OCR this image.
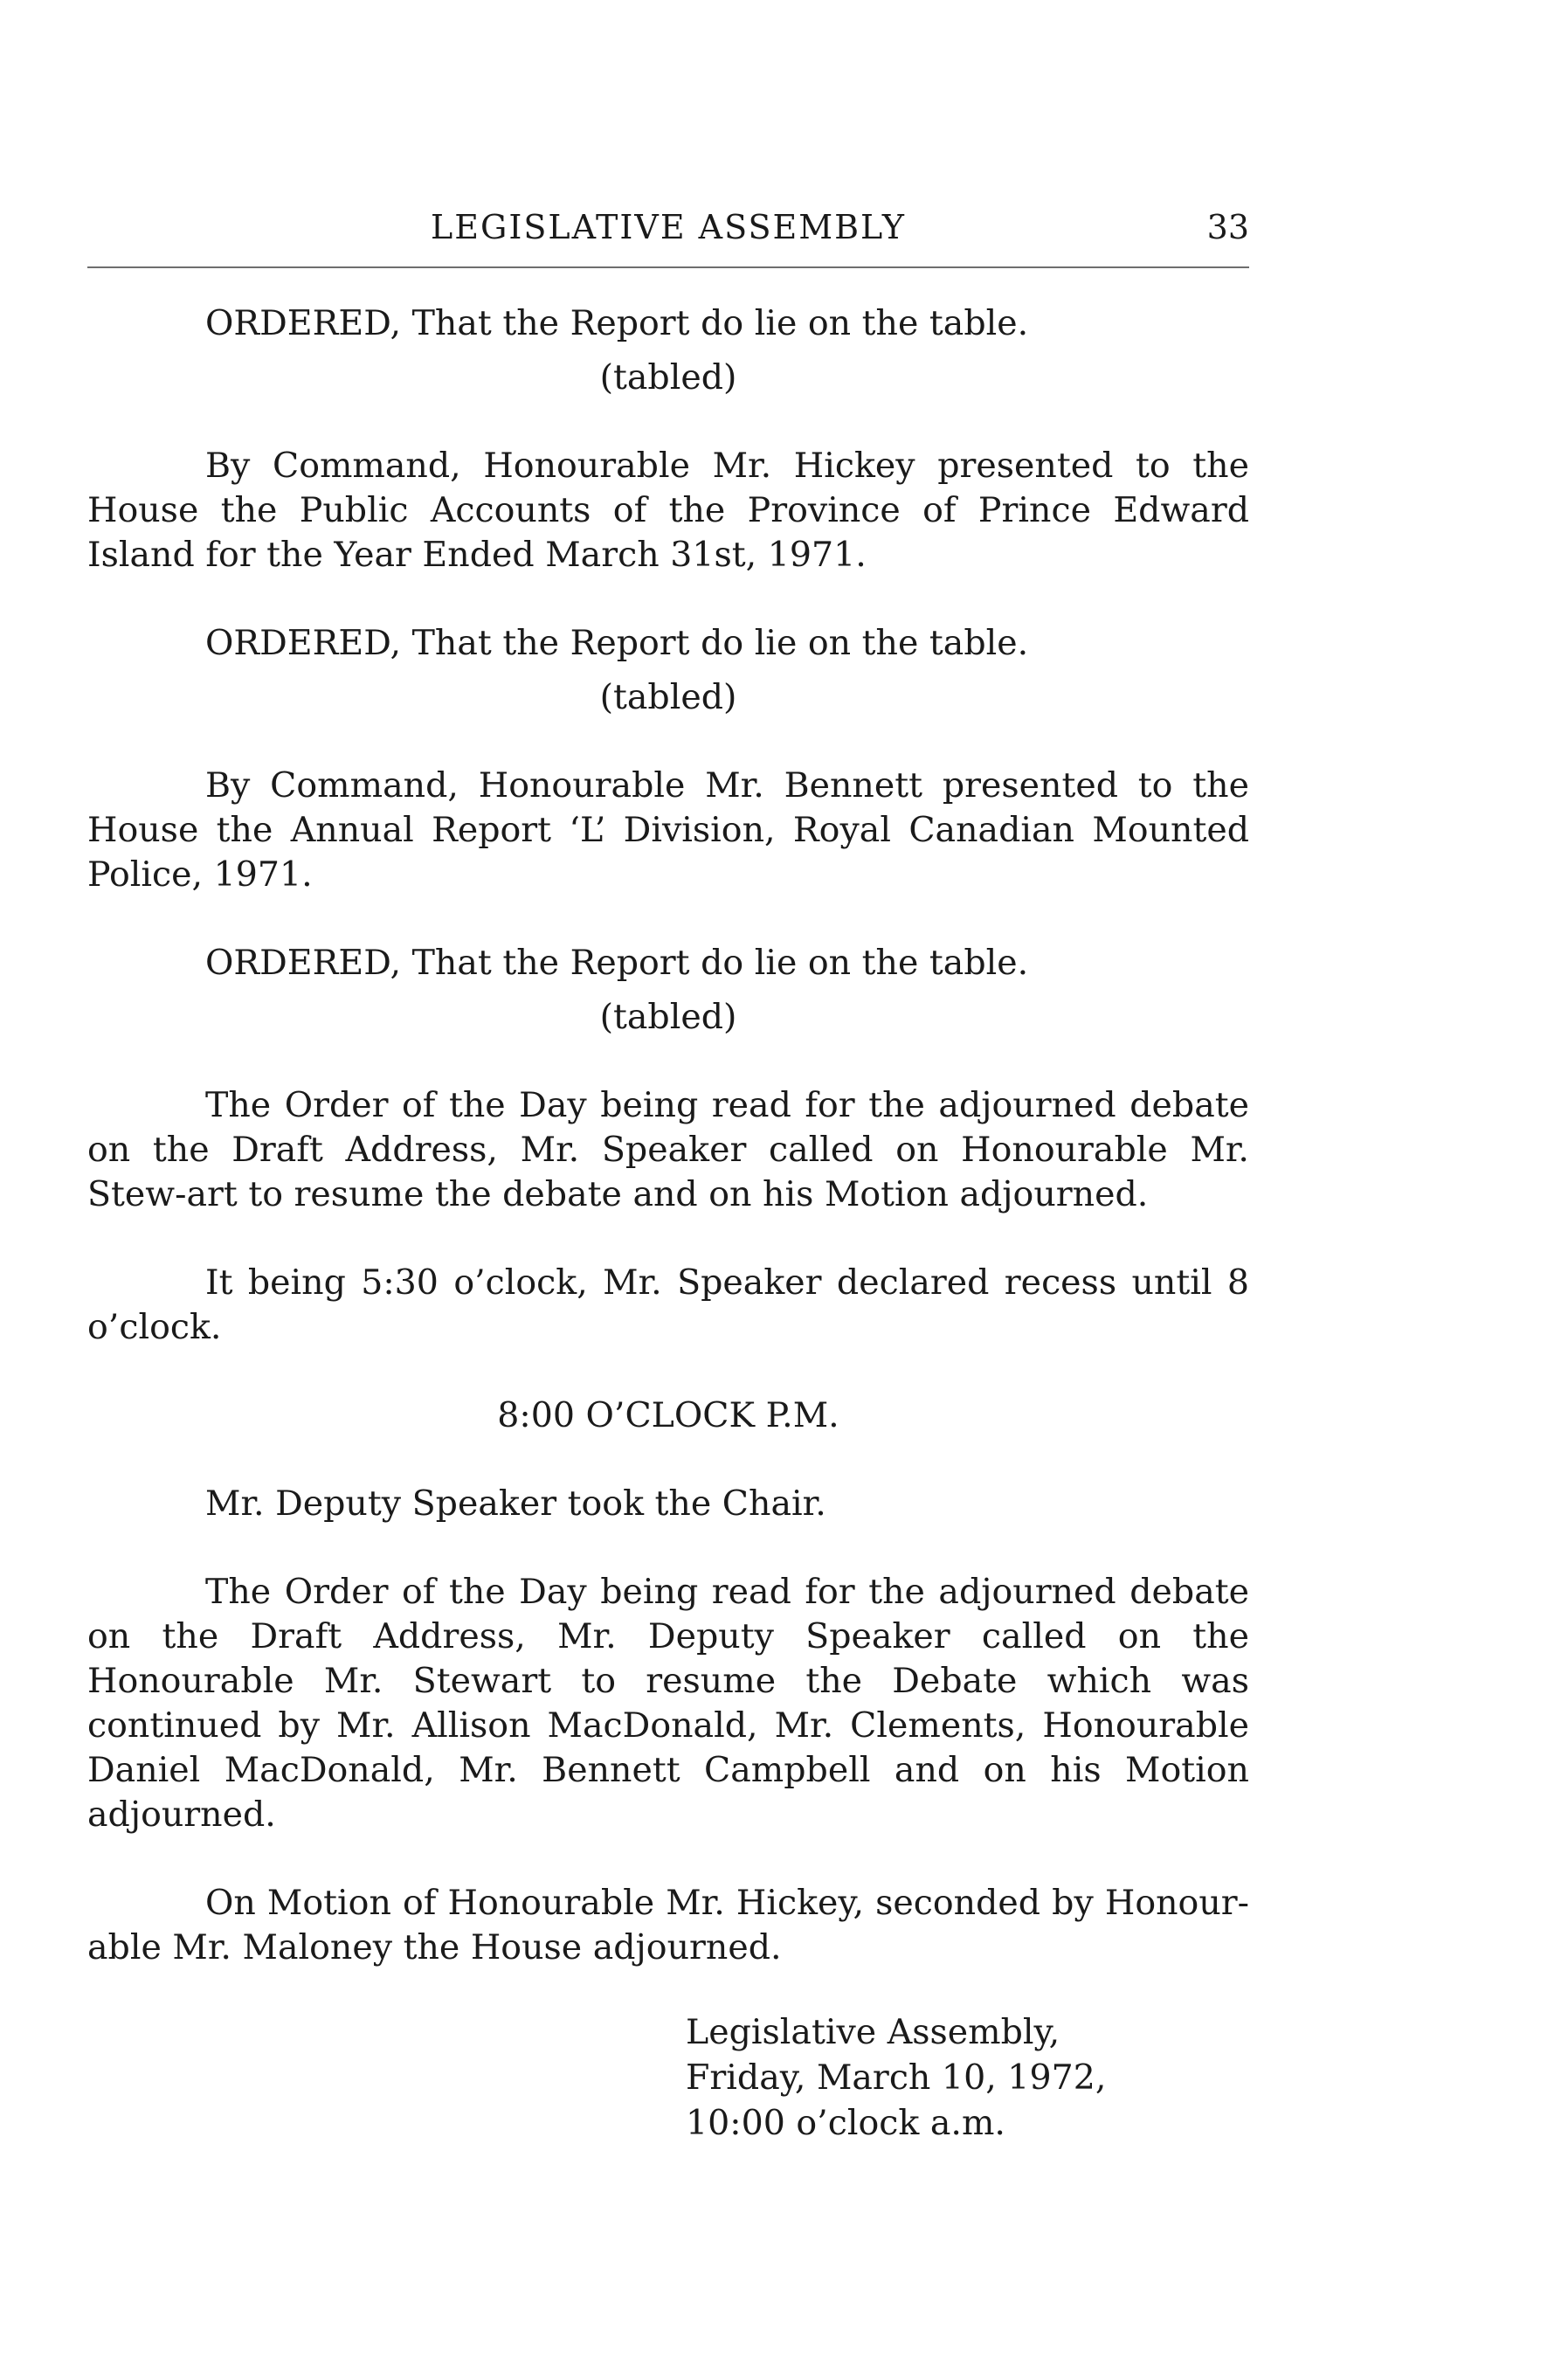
LEGISLATIVE ASSEMBLY	33

ORDERED, That the Report do lie on the table.

(tabled)

By Command, Honourable Mr. Hickey presented to the House the Public Accounts of the Province of Prince Edward Island for the Year Ended March 31st, 1971.

ORDERED, That the Report do lie on the table.

(tabled)

By Command, Honourable Mr. Bennett presented to the House the Annual Report ‘L’ Division, Royal Canadian Mounted Police, 1971.

ORDERED, That the Report do lie on the table.

(tabled)

The Order of the Day being read for the adjourned debate on the Draft Address, Mr. Speaker called on Honourable Mr. Stew-art to resume the debate and on his Motion adjourned.

It being 5:30 o’clock, Mr. Speaker declared recess until 8 o’clock.

8:00 O’CLOCK P.M.

Mr. Deputy Speaker took the Chair.

The Order of the Day being read for the adjourned debate on the Draft Address, Mr. Deputy Speaker called on the Honourable Mr. Stewart to resume the Debate which was continued by Mr. Allison MacDonald, Mr. Clements, Honourable Daniel MacDonald, Mr. Bennett Campbell and on his Motion adjourned.

On Motion of Honourable Mr. Hickey, seconded by Honour-able Mr. Maloney the House adjourned.

Legislative Assembly,
Friday, March 10, 1972,
10:00 o’clock a.m.
